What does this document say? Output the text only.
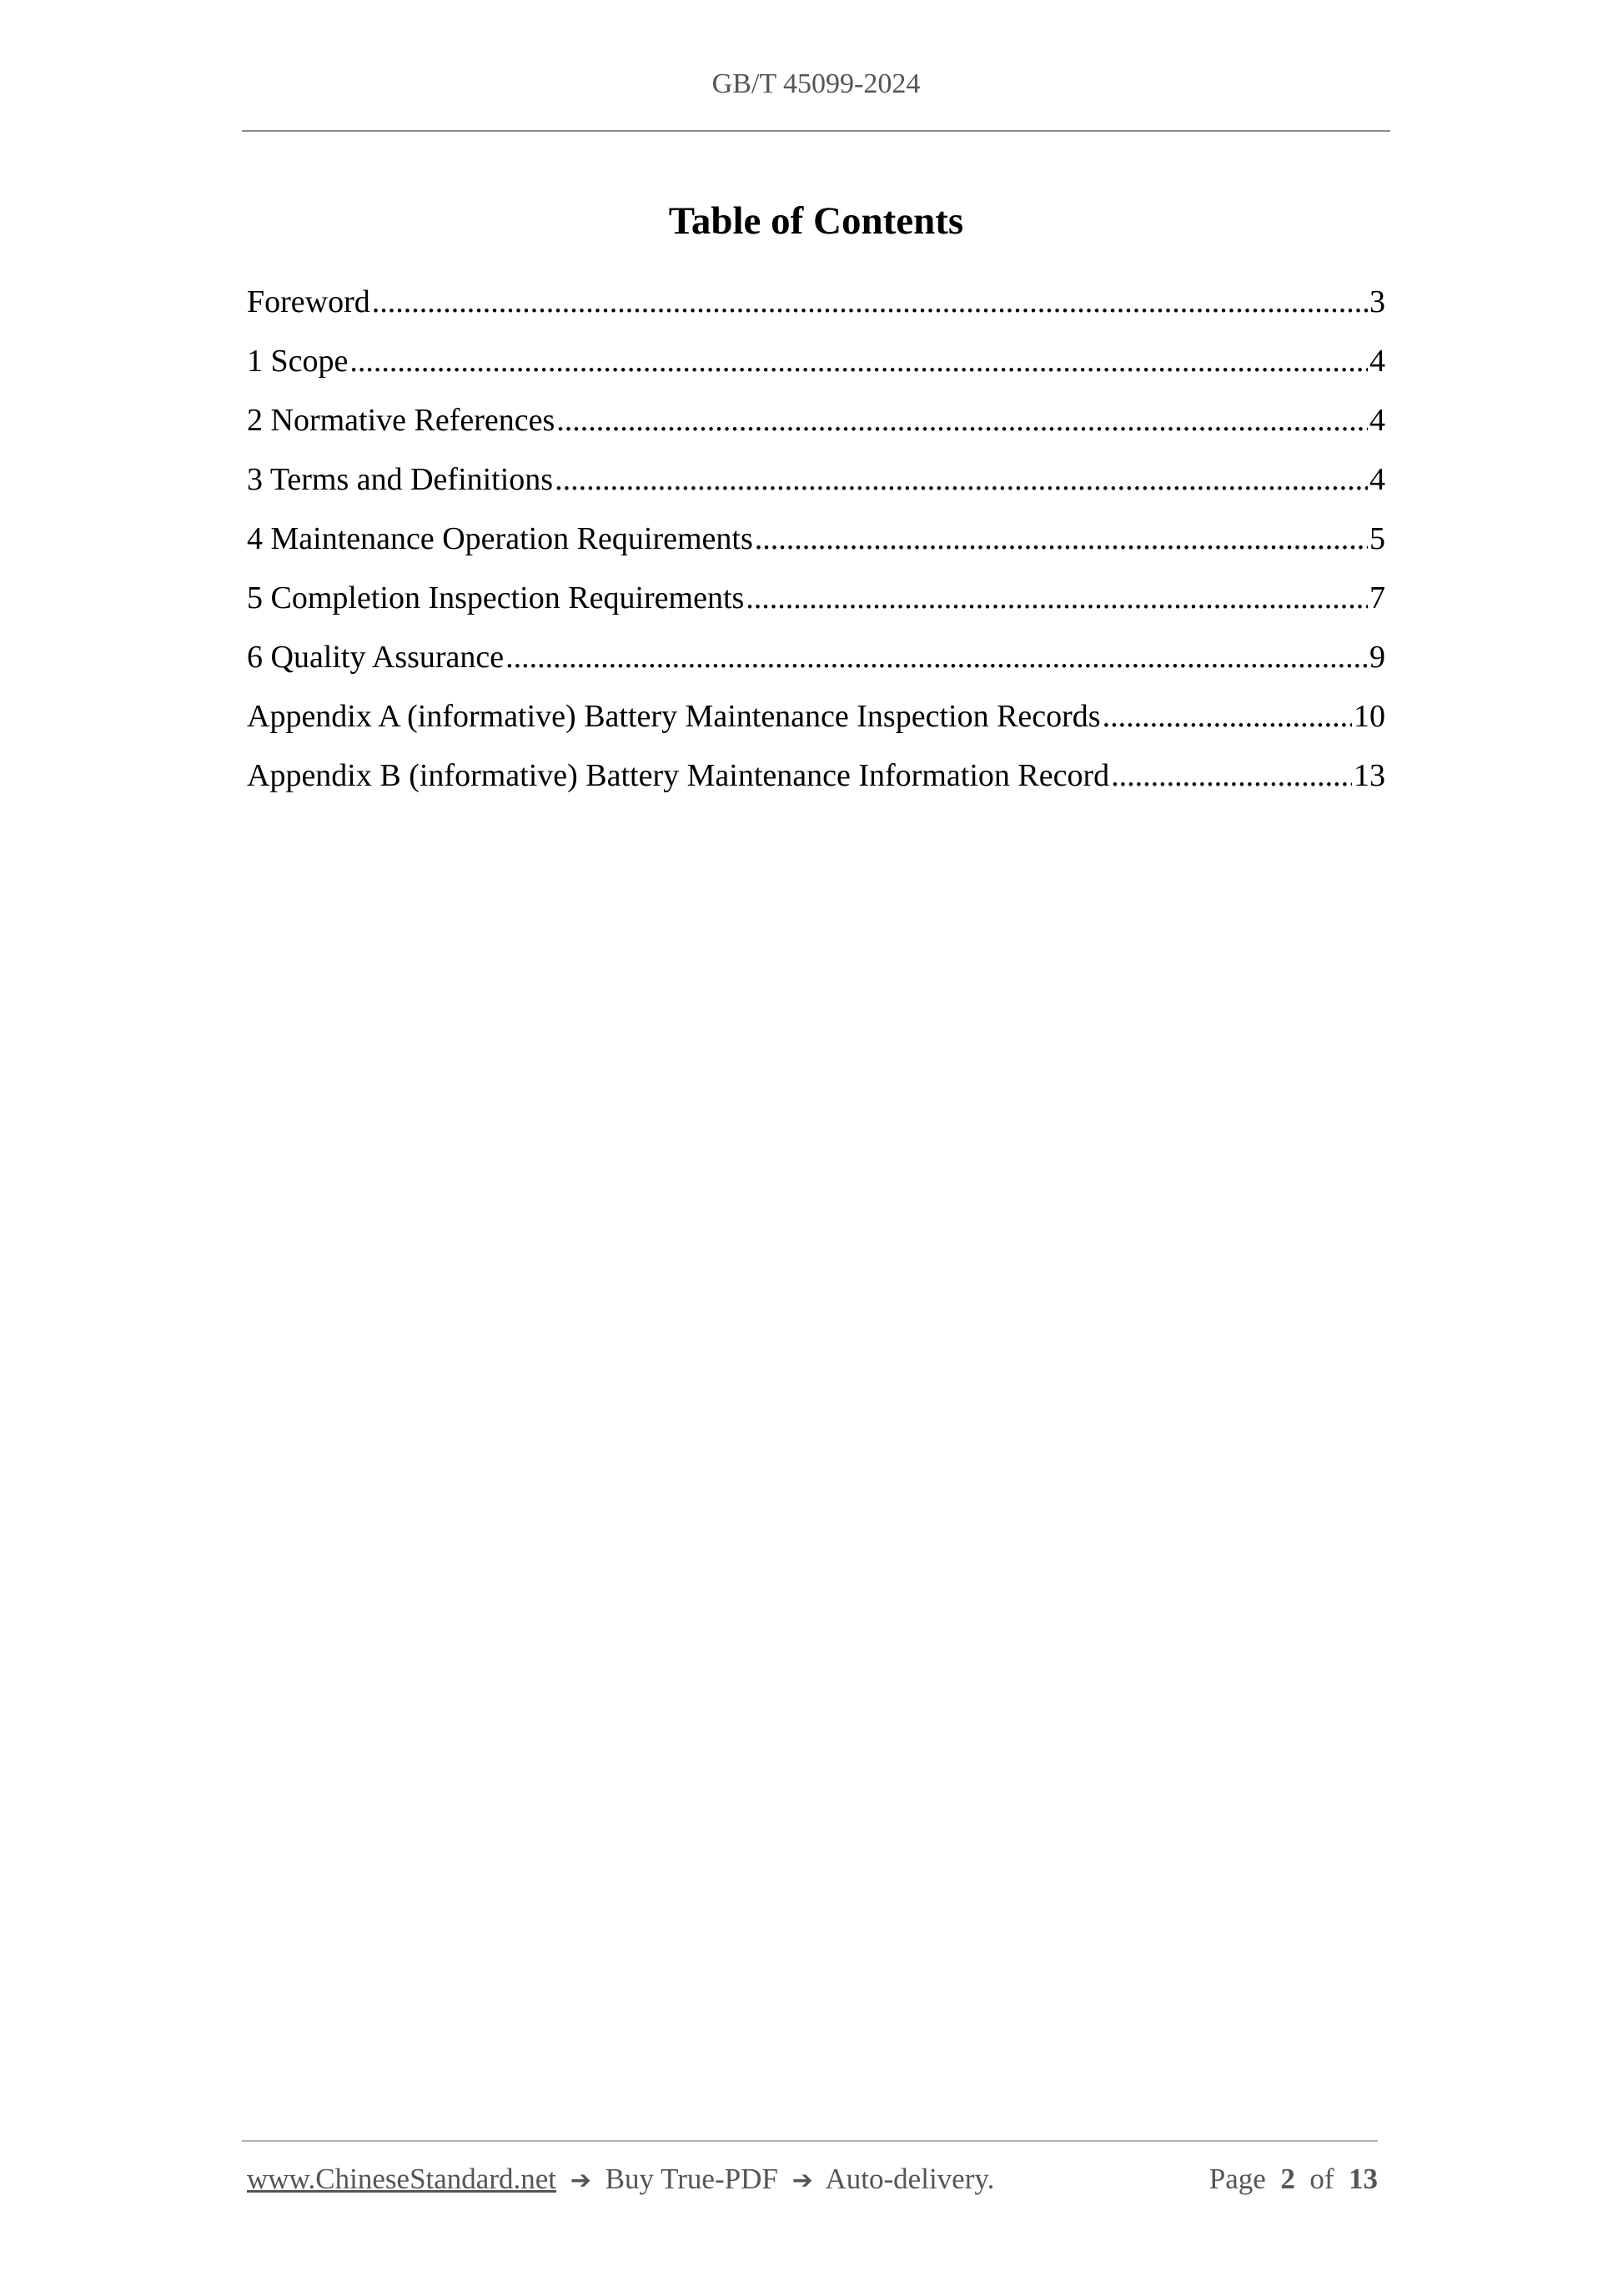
GB/T 45099-2024
Table of Contents
Foreword .....	3
1 Scope .....	4
2 Normative References .....	4
3 Terms and Definitions .....	4
4 Maintenance Operation Requirements .....	5
5 Completion Inspection Requirements .....	7
6 Quality Assurance .....	9
Appendix A (informative) Battery Maintenance Inspection Records .....	10
Appendix B (informative) Battery Maintenance Information Record .....	13
www.ChineseStandard.net ➔ Buy True-PDF ➔ Auto-delivery.	Page 2 of 13
